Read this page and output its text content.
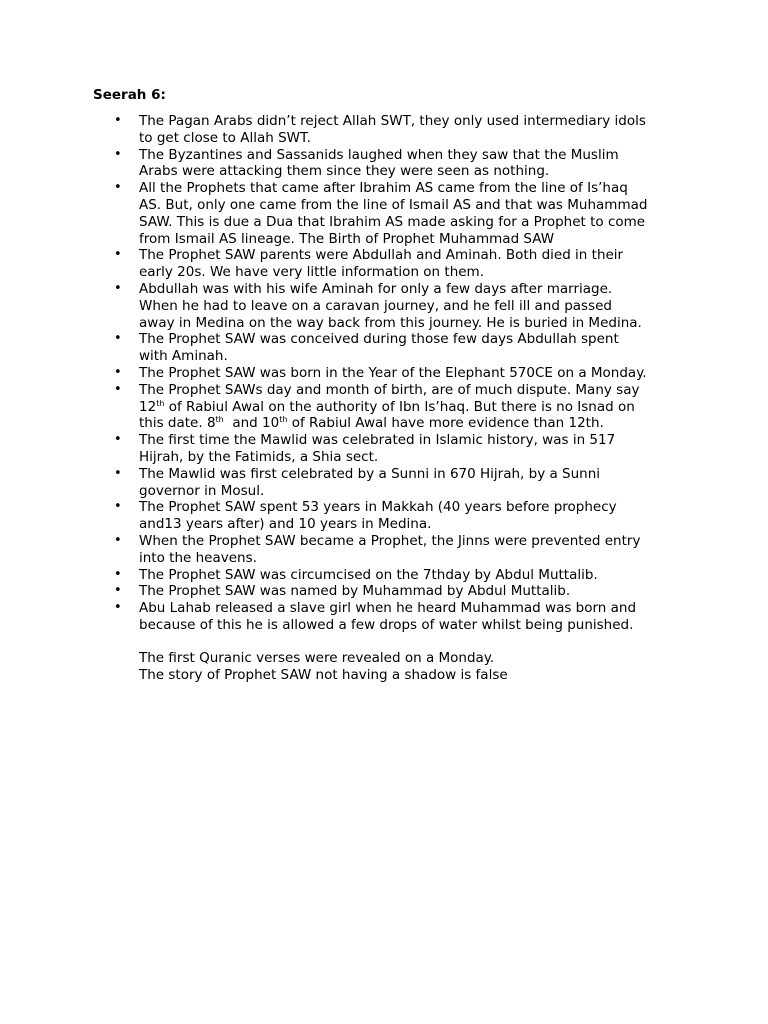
Seerah 6:

• The Pagan Arabs didn’t reject Allah SWT, they only used intermediary idols
to get close to Allah SWT.
• The Byzantines and Sassanids laughed when they saw that the Muslim
Arabs were attacking them since they were seen as nothing.
• All the Prophets that came after Ibrahim AS came from the line of Is’haq
AS. But, only one came from the line of Ismail AS and that was Muhammad
SAW. This is due a Dua that Ibrahim AS made asking for a Prophet to come
from Ismail AS lineage. The Birth of Prophet Muhammad SAW
• The Prophet SAW parents were Abdullah and Aminah. Both died in their
early 20s. We have very little information on them.
• Abdullah was with his wife Aminah for only a few days after marriage.
When he had to leave on a caravan journey, and he fell ill and passed
away in Medina on the way back from this journey. He is buried in Medina.
• The Prophet SAW was conceived during those few days Abdullah spent
with Aminah.
• The Prophet SAW was born in the Year of the Elephant 570CE on a Monday.
• The Prophet SAWs day and month of birth, are of much dispute. Many say
12th of Rabiul Awal on the authority of Ibn Is’haq. But there is no Isnad on
this date. 8th  and 10th of Rabiul Awal have more evidence than 12th.
• The first time the Mawlid was celebrated in Islamic history, was in 517
Hijrah, by the Fatimids, a Shia sect.
• The Mawlid was first celebrated by a Sunni in 670 Hijrah, by a Sunni
governor in Mosul.
• The Prophet SAW spent 53 years in Makkah (40 years before prophecy
and13 years after) and 10 years in Medina.
• When the Prophet SAW became a Prophet, the Jinns were prevented entry
into the heavens.
• The Prophet SAW was circumcised on the 7thday by Abdul Muttalib.
• The Prophet SAW was named by Muhammad by Abdul Muttalib.
• Abu Lahab released a slave girl when he heard Muhammad was born and
because of this he is allowed a few drops of water whilst being punished.
The first Quranic verses were revealed on a Monday.
The story of Prophet SAW not having a shadow is false
